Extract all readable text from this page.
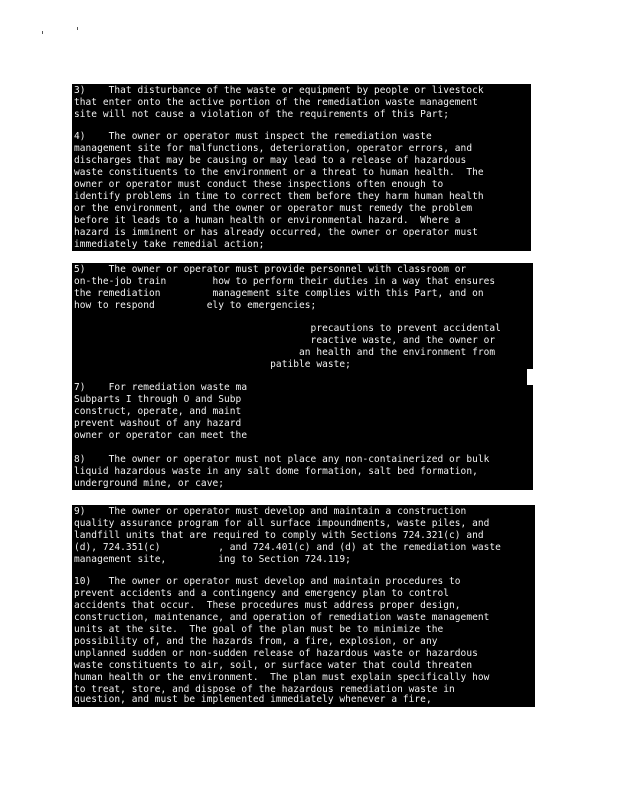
3)    That disturbance of the waste or equipment by people or livestock
that enter onto the active portion of the remediation waste management
site will not cause a violation of the requirements of this Part;
4)    The owner or operator must inspect the remediation waste
management site for malfunctions, deterioration, operator errors, and
discharges that may be causing or may lead to a release of hazardous
waste constituents to the environment or a threat to human health.  The
owner or operator must conduct these inspections often enough to
identify problems in time to correct them before they harm human health
or the environment, and the owner or operator must remedy the problem
before it leads to a human health or environmental hazard.  Where a
hazard is imminent or has already occurred, the owner or operator must
immediately take remedial action;
5)    The owner or operator must provide personnel with classroom or
on-the-job train        how to perform their duties in a way that ensures
the remediation         management site complies with this Part, and on
how to respond         ely to emergencies;
precautions to prevent accidental
reactive waste, and the owner or
an health and the environment from
patible waste;
7)    For remediation waste ma
Subparts I through O and Subp
construct, operate, and maint
prevent washout of any hazard
owner or operator can meet the
8)    The owner or operator must not place any non-containerized or bulk
liquid hazardous waste in any salt dome formation, salt bed formation,
underground mine, or cave;
9)    The owner or operator must develop and maintain a construction
quality assurance program for all surface impoundments, waste piles, and
landfill units that are required to comply with Sections 724.321(c) and
(d), 724.351(c)          , and 724.401(c) and (d) at the remediation waste
management site,         ing to Section 724.119;
10)   The owner or operator must develop and maintain procedures to
prevent accidents and a contingency and emergency plan to control
accidents that occur.  These procedures must address proper design,
construction, maintenance, and operation of remediation waste management
units at the site.  The goal of the plan must be to minimize the
possibility of, and the hazards from, a fire, explosion, or any
unplanned sudden or non-sudden release of hazardous waste or hazardous
waste constituents to air, soil, or surface water that could threaten
human health or the environment.  The plan must explain specifically how
to treat, store, and dispose of the hazardous remediation waste in
question, and must be implemented immediately whenever a fire,
